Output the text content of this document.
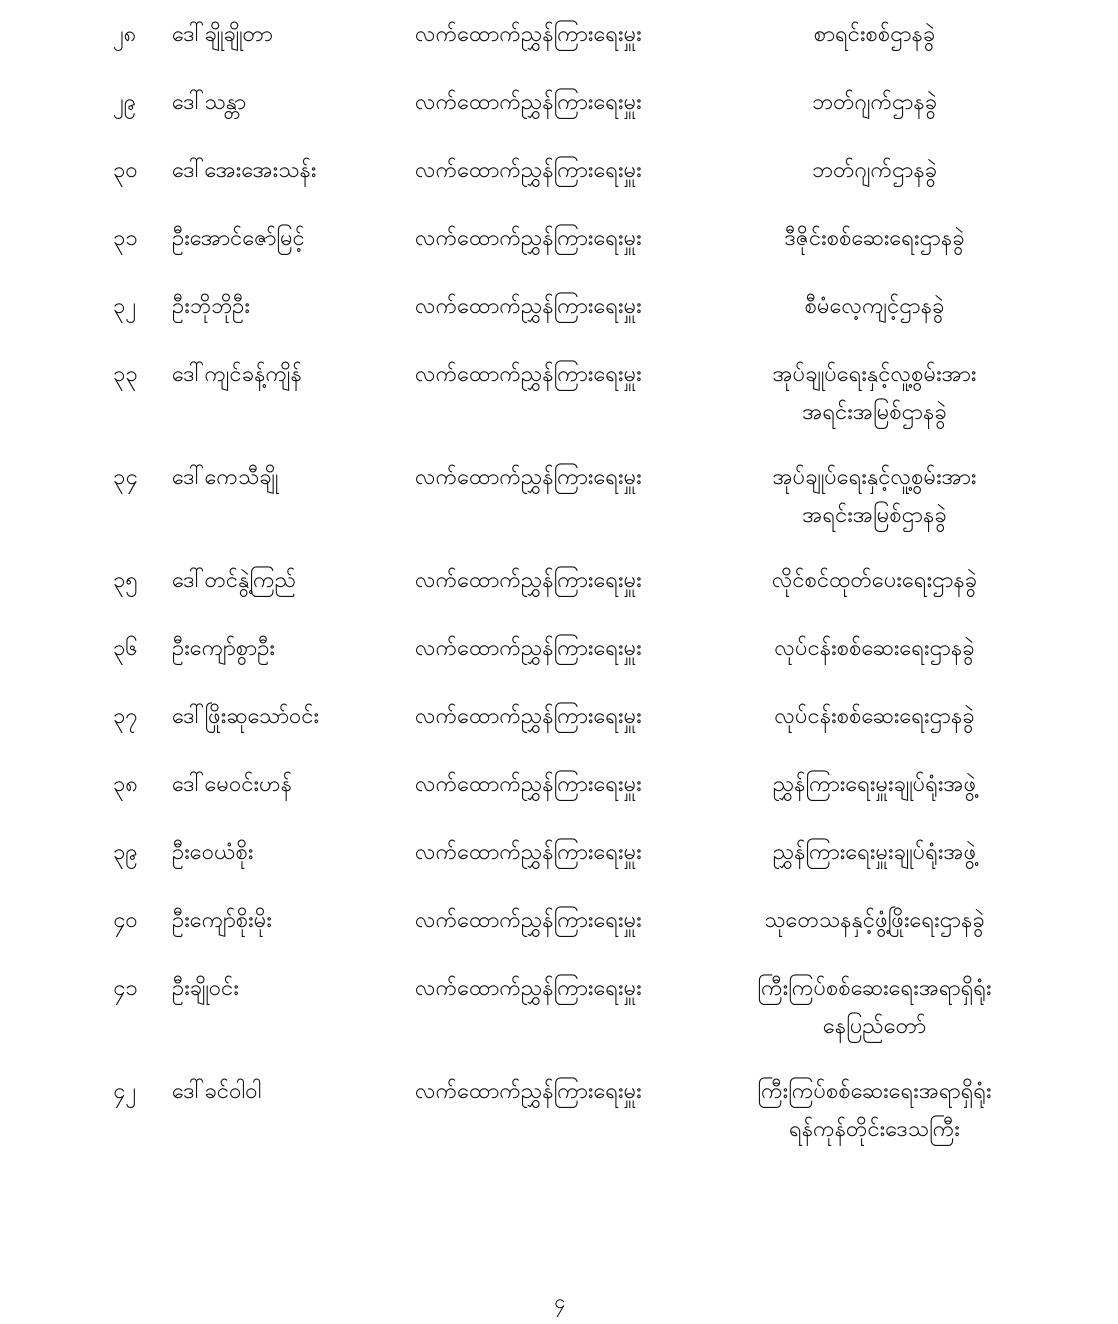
၂၈	ဒေါ်ချိုချိုတာ	လက်ထောက်ညွှန်ကြားရေးမှူး	စာရင်းစစ်ဌာနခွဲ
၂၉	ဒေါ်သန္တာ	လက်ထောက်ညွှန်ကြားရေးမှူး	ဘတ်ဂျက်ဌာနခွဲ
၃၀	ဒေါ်အေးအေးသန်း	လက်ထောက်ညွှန်ကြားရေးမှူး	ဘတ်ဂျက်ဌာနခွဲ
၃၁	ဦးအောင်ဇော်မြင့်	လက်ထောက်ညွှန်ကြားရေးမှူး	ဒီဇိုင်းစစ်ဆေးရေးဌာနခွဲ
၃၂	ဦးဘိုဘိုဦး	လက်ထောက်ညွှန်ကြားရေးမှူး	စီမံလေ့ကျင့်ဌာနခွဲ
၃၃	ဒေါ်ကျင်ခန့်ကျိန်	လက်ထောက်ညွှန်ကြားရေးမှူး	အုပ်ချုပ်ရေးနှင့်လူ့စွမ်းအား
အရင်းအမြစ်ဌာနခွဲ
၃၄	ဒေါ်ကေသီချို	လက်ထောက်ညွှန်ကြားရေးမှူး	အုပ်ချုပ်ရေးနှင့်လူ့စွမ်းအား
အရင်းအမြစ်ဌာနခွဲ
၃၅	ဒေါ်တင်နွဲ့ကြည်	လက်ထောက်ညွှန်ကြားရေးမှူး	လိုင်စင်ထုတ်ပေးရေးဌာနခွဲ
၃၆	ဦးကျော်စွာဦး	လက်ထောက်ညွှန်ကြားရေးမှူး	လုပ်ငန်းစစ်ဆေးရေးဌာနခွဲ
၃၇	ဒေါ်ဖြိုးဆုသော်ဝင်း	လက်ထောက်ညွှန်ကြားရေးမှူး	လုပ်ငန်းစစ်ဆေးရေးဌာနခွဲ
၃၈	ဒေါ်မေဝင်းဟန်	လက်ထောက်ညွှန်ကြားရေးမှူး	ညွှန်ကြားရေးမှူးချုပ်ရုံးအဖွဲ့
၃၉	ဦးဝေယံစိုး	လက်ထောက်ညွှန်ကြားရေးမှူး	ညွှန်ကြားရေးမှူးချုပ်ရုံးအဖွဲ့
၄၀	ဦးကျော်စိုးမိုး	လက်ထောက်ညွှန်ကြားရေးမှူး	သုတေသနနှင့်ဖွံ့ဖြိုးရေးဌာနခွဲ
၄၁	ဦးချိုဝင်း	လက်ထောက်ညွှန်ကြားရေးမှူး	ကြီးကြပ်စစ်ဆေးရေးအရာရှိရုံး
နေပြည်တော်
၄၂	ဒေါ်ခင်ဝါဝါ	လက်ထောက်ညွှန်ကြားရေးမှူး	ကြီးကြပ်စစ်ဆေးရေးအရာရှိရုံး
ရန်ကုန်တိုင်းဒေသကြီး
၄
